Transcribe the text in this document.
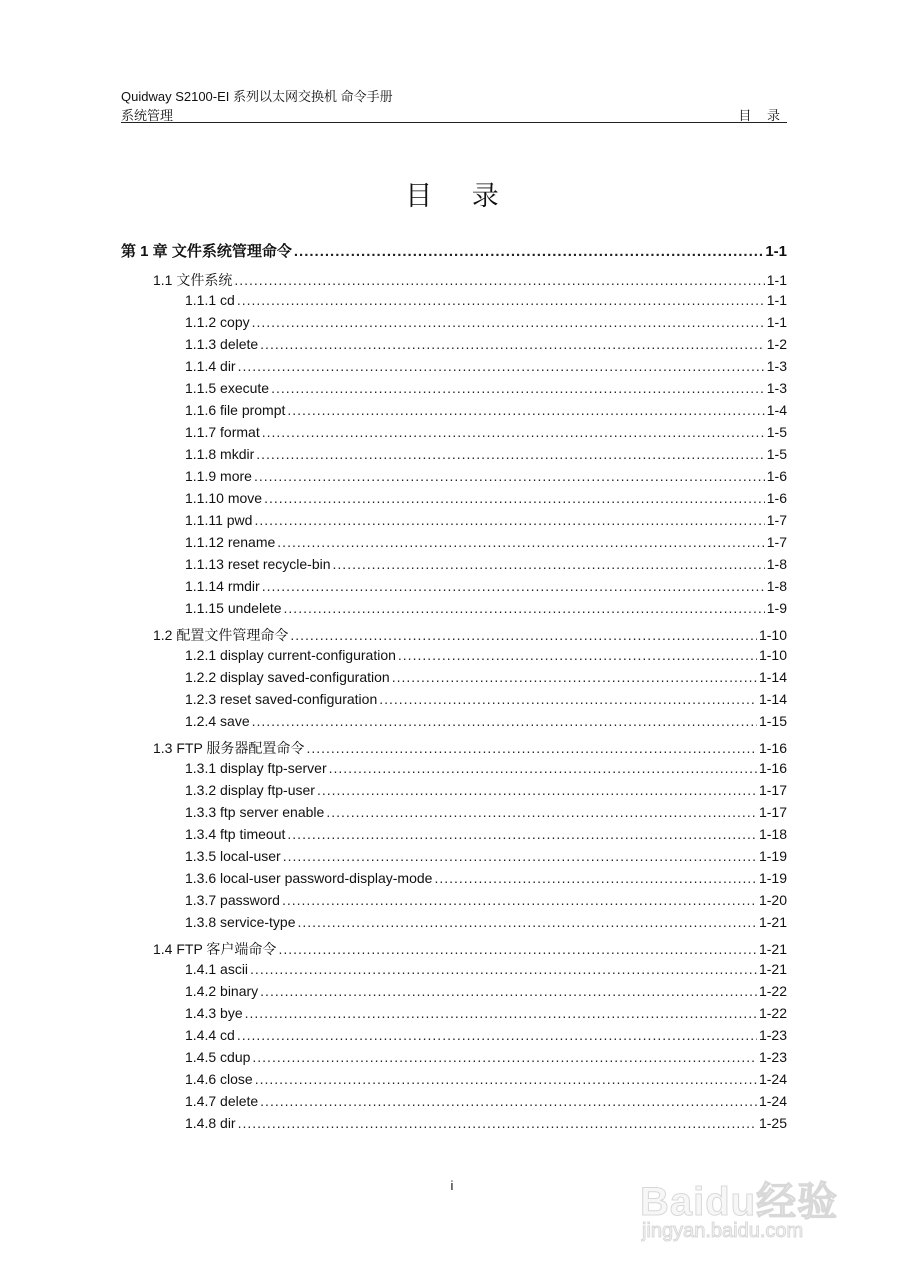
Quidway S2100-EI 系列以太网交换机 命令手册
系统管理	目 录
目 录
第 1 章 文件系统管理命令 .....	1-1
1.1 文件系统 .....	1-1
1.1.1 cd .....	1-1
1.1.2 copy .....	1-1
1.1.3 delete .....	1-2
1.1.4 dir .....	1-3
1.1.5 execute .....	1-3
1.1.6 file prompt .....	1-4
1.1.7 format .....	1-5
1.1.8 mkdir .....	1-5
1.1.9 more .....	1-6
1.1.10 move .....	1-6
1.1.11 pwd .....	1-7
1.1.12 rename .....	1-7
1.1.13 reset recycle-bin .....	1-8
1.1.14 rmdir .....	1-8
1.1.15 undelete .....	1-9
1.2 配置文件管理命令 .....	1-10
1.2.1 display current-configuration .....	1-10
1.2.2 display saved-configuration .....	1-14
1.2.3 reset saved-configuration .....	1-14
1.2.4 save .....	1-15
1.3 FTP 服务器配置命令 .....	1-16
1.3.1 display ftp-server .....	1-16
1.3.2 display ftp-user .....	1-17
1.3.3 ftp server enable .....	1-17
1.3.4 ftp timeout .....	1-18
1.3.5 local-user .....	1-19
1.3.6 local-user password-display-mode .....	1-19
1.3.7 password .....	1-20
1.3.8 service-type .....	1-21
1.4 FTP 客户端命令 .....	1-21
1.4.1 ascii .....	1-21
1.4.2 binary .....	1-22
1.4.3 bye .....	1-22
1.4.4 cd .....	1-23
1.4.5 cdup .....	1-23
1.4.6 close .....	1-24
1.4.7 delete .....	1-24
1.4.8 dir .....	1-25
i	Baidu经验
jingyan.baidu.com
